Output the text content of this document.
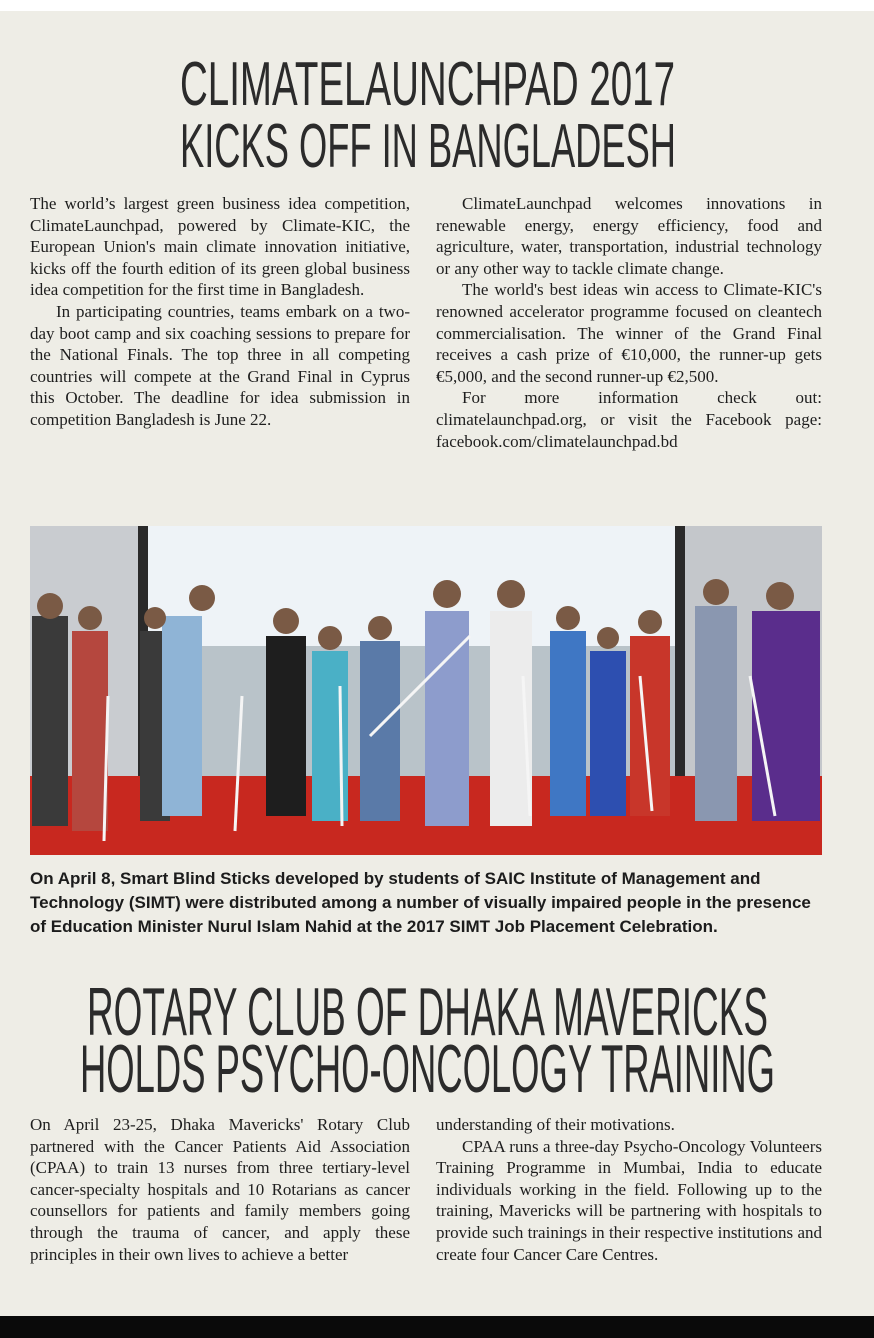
CLIMATELAUNCHPAD 2017
KICKS OFF IN BANGLADESH

The world’s largest green business idea competition, ClimateLaunchpad, powered by Climate-KIC, the European Union's main climate innovation initiative, kicks off the fourth edition of its green global business idea competition for the first time in Bangladesh.

In participating countries, teams embark on a two-day boot camp and six coaching sessions to prepare for the National Finals. The top three in all competing countries will compete at the Grand Final in Cyprus this October. The deadline for idea submission in competition Bangladesh is June 22.

ClimateLaunchpad welcomes innovations in renewable energy, energy efficiency, food and agriculture, water, transportation, industrial technology or any other way to tackle climate change.

The world's best ideas win access to Climate-KIC's renowned accelerator programme focused on cleantech commercialisation. The winner of the Grand Final receives a cash prize of €10,000, the runner-up gets €5,000, and the second runner-up €2,500.

For more information check out: climatelaunchpad.org, or visit the Facebook page: facebook.com/climatelaunchpad.bd

On April 8, Smart Blind Sticks developed by students of SAIC Institute of Management and Technology (SIMT) were distributed among a number of visually impaired people in the presence of Education Minister Nurul Islam Nahid at the 2017 SIMT Job Placement Celebration.
ROTARY CLUB OF DHAKA MAVERICKS
HOLDS PSYCHO-ONCOLOGY TRAINING

On April 23-25, Dhaka Mavericks' Rotary Club partnered with the Cancer Patients Aid Association (CPAA) to train 13 nurses from three tertiary-level cancer-specialty hospitals and 10 Rotarians as cancer counsellors for patients and family members going through the trauma of cancer, and apply these principles in their own lives to achieve a better

understanding of their motivations.

CPAA runs a three-day Psycho-Oncology Volunteers Training Programme in Mumbai, India to educate individuals working in the field. Following up to the training, Mavericks will be partnering with hospitals to provide such trainings in their respective institutions and create four Cancer Care Centres.
